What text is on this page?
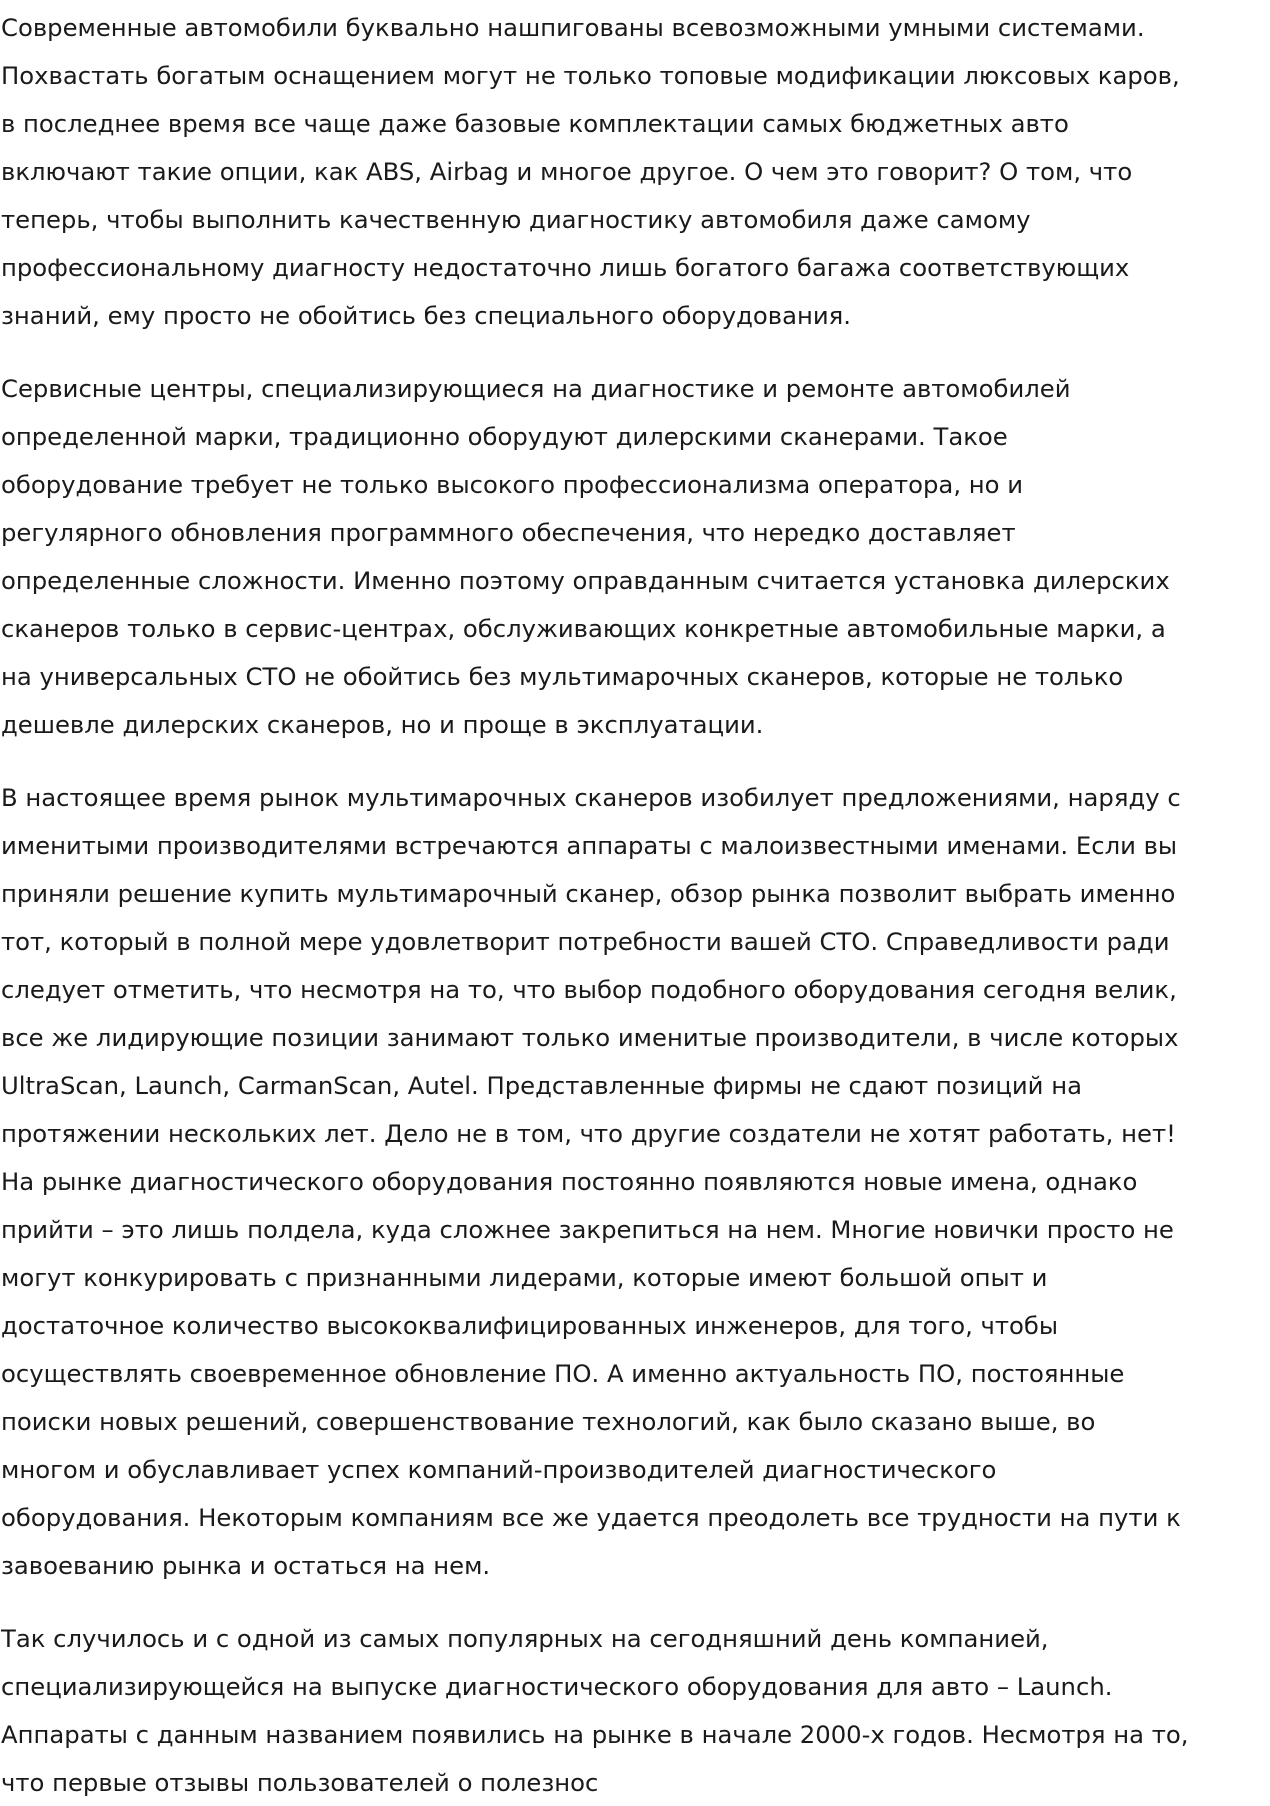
Современные автомобили буквально нашпигованы всевозможными умными системами.
Похвастать богатым оснащением могут не только топовые модификации люксовых каров,
в последнее время все чаще даже базовые комплектации самых бюджетных авто
включают такие опции, как ABS, Airbag и многое другое. О чем это говорит? О том, что
теперь, чтобы выполнить качественную диагностику автомобиля даже самому
профессиональному диагносту недостаточно лишь богатого багажа соответствующих
знаний, ему просто не обойтись без специального оборудования.

Сервисные центры, специализирующиеся на диагностике и ремонте автомобилей
определенной марки, традиционно оборудуют дилерскими сканерами. Такое
оборудование требует не только высокого профессионализма оператора, но и
регулярного обновления программного обеспечения, что нередко доставляет
определенные сложности. Именно поэтому оправданным считается установка дилерских
сканеров только в сервис-центрах, обслуживающих конкретные автомобильные марки, а
на универсальных СТО не обойтись без мультимарочных сканеров, которые не только
дешевле дилерских сканеров, но и проще в эксплуатации.

В настоящее время рынок мультимарочных сканеров изобилует предложениями, наряду с
именитыми производителями встречаются аппараты с малоизвестными именами. Если вы
приняли решение купить мультимарочный сканер, обзор рынка позволит выбрать именно
тот, который в полной мере удовлетворит потребности вашей СТО. Справедливости ради
следует отметить, что несмотря на то, что выбор подобного оборудования сегодня велик,
все же лидирующие позиции занимают только именитые производители, в числе которых
UltraScan, Launch, CarmanScan, Autel. Представленные фирмы не сдают позиций на
протяжении нескольких лет. Дело не в том, что другие создатели не хотят работать, нет!
На рынке диагностического оборудования постоянно появляются новые имена, однако
прийти – это лишь полдела, куда сложнее закрепиться на нем. Многие новички просто не
могут конкурировать с признанными лидерами, которые имеют большой опыт и
достаточное количество высококвалифицированных инженеров, для того, чтобы
осуществлять своевременное обновление ПО. А именно актуальность ПО, постоянные
поиски новых решений, совершенствование технологий, как было сказано выше, во
многом и обуславливает успех компаний-производителей диагностического
оборудования. Некоторым компаниям все же удается преодолеть все трудности на пути к
завоеванию рынка и остаться на нем.

Так случилось и с одной из самых популярных на сегодняшний день компанией,
специализирующейся на выпуске диагностического оборудования для авто – Launch.
Аппараты с данным названием появились на рынке в начале 2000-х годов. Несмотря на то,
что первые отзывы пользователей о полезнос
